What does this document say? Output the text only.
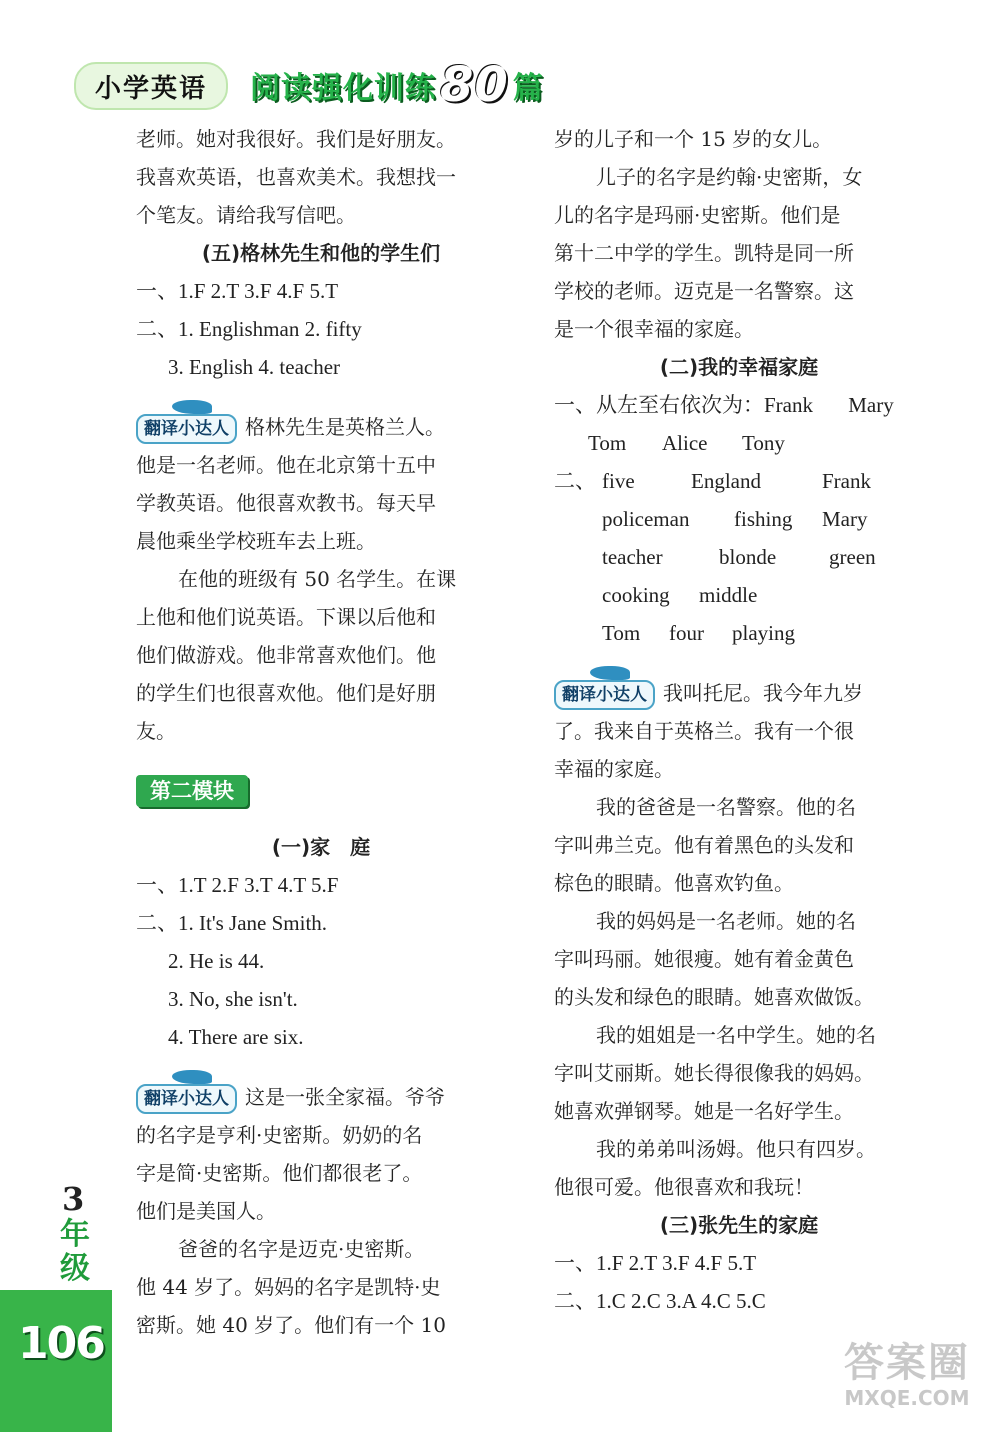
小学英语	阅读强化训练 80 篇
老师。她对我很好。我们是好朋友。
我喜欢英语，也喜欢美术。我想找一
个笔友。请给我写信吧。
(五)格林先生和他的学生们
一、1.F 2.T 3.F 4.F 5.T
二、1. Englishman 2. fifty
3. English 4. teacher
翻译小达人 格林先生是英格兰人。
他是一名老师。他在北京第十五中
学教英语。他很喜欢教书。每天早
晨他乘坐学校班车去上班。
在他的班级有 50 名学生。在课
上他和他们说英语。下课以后他和
他们做游戏。他非常喜欢他们。他
的学生们也很喜欢他。他们是好朋
友。
第二模块
(一)家　庭
一、1.T 2.F 3.T 4.T 5.F
二、1. It's Jane Smith.
2. He is 44.
3. No, she isn't.
4. There are six.
翻译小达人 这是一张全家福。爷爷
的名字是亨利·史密斯。奶奶的名
字是简·史密斯。他们都很老了。
他们是美国人。
爸爸的名字是迈克·史密斯。
他 44 岁了。妈妈的名字是凯特·史
密斯。她 40 岁了。他们有一个 10
岁的儿子和一个 15 岁的女儿。
儿子的名字是约翰·史密斯，女
儿的名字是玛丽·史密斯。他们是
第十二中学的学生。凯特是同一所
学校的老师。迈克是一名警察。这
是一个很幸福的家庭。
(二)我的幸福家庭
一、从左至右依次为：Frank Mary
Tom	Alice	Tony
二、 five	England	Frank
policeman	fishing	Mary
teacher	blonde	green
cooking	middle
Tom	four	playing
翻译小达人 我叫托尼。我今年九岁
了。我来自于英格兰。我有一个很
幸福的家庭。
我的爸爸是一名警察。他的名
字叫弗兰克。他有着黑色的头发和
棕色的眼睛。他喜欢钓鱼。
我的妈妈是一名老师。她的名
字叫玛丽。她很瘦。她有着金黄色
的头发和绿色的眼睛。她喜欢做饭。
我的姐姐是一名中学生。她的名
字叫艾丽斯。她长得很像我的妈妈。
她喜欢弹钢琴。她是一名好学生。
我的弟弟叫汤姆。他只有四岁。
他很可爱。他很喜欢和我玩！
(三)张先生的家庭
一、1.F 2.T 3.F 4.F 5.T
二、1.C 2.C 3.A 4.C 5.C
3
年级
106	答案圈
MXQE.COM
